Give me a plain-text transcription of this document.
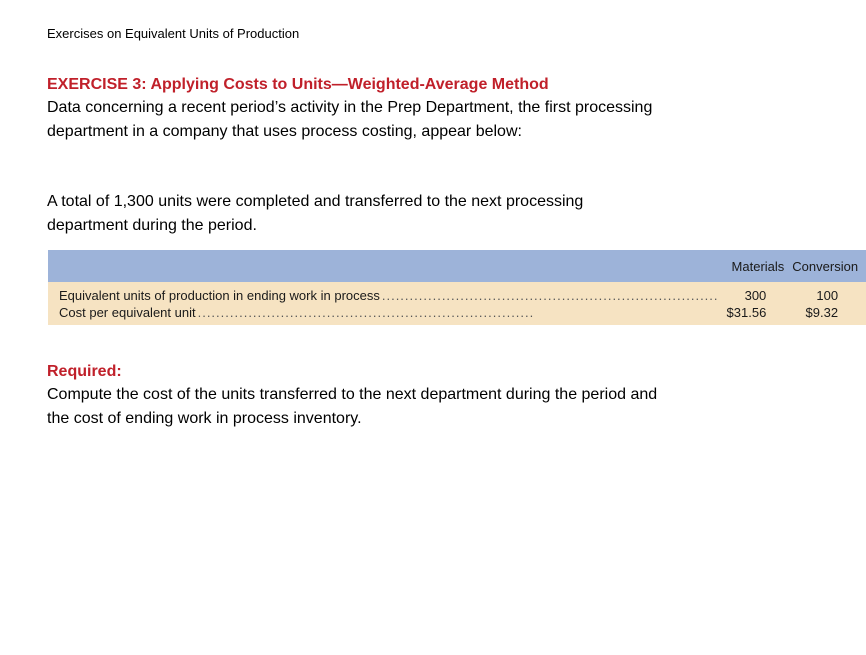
Exercises on Equivalent Units of Production
EXERCISE 3: Applying Costs to Units—Weighted-Average Method

Data concerning a recent period’s activity in the Prep Department, the first processing department in a company that uses process costing, appear below:

A total of 1,300 units were completed and transferred to the next processing department during the period.

	Materials	Conversion

Equivalent units of production in ending work in process .........................................................................	300	100

Cost per equivalent unit .........................................................................	$31.56	$9.32
Required:

Compute the cost of the units transferred to the next department during the period and the cost of ending work in process inventory.
